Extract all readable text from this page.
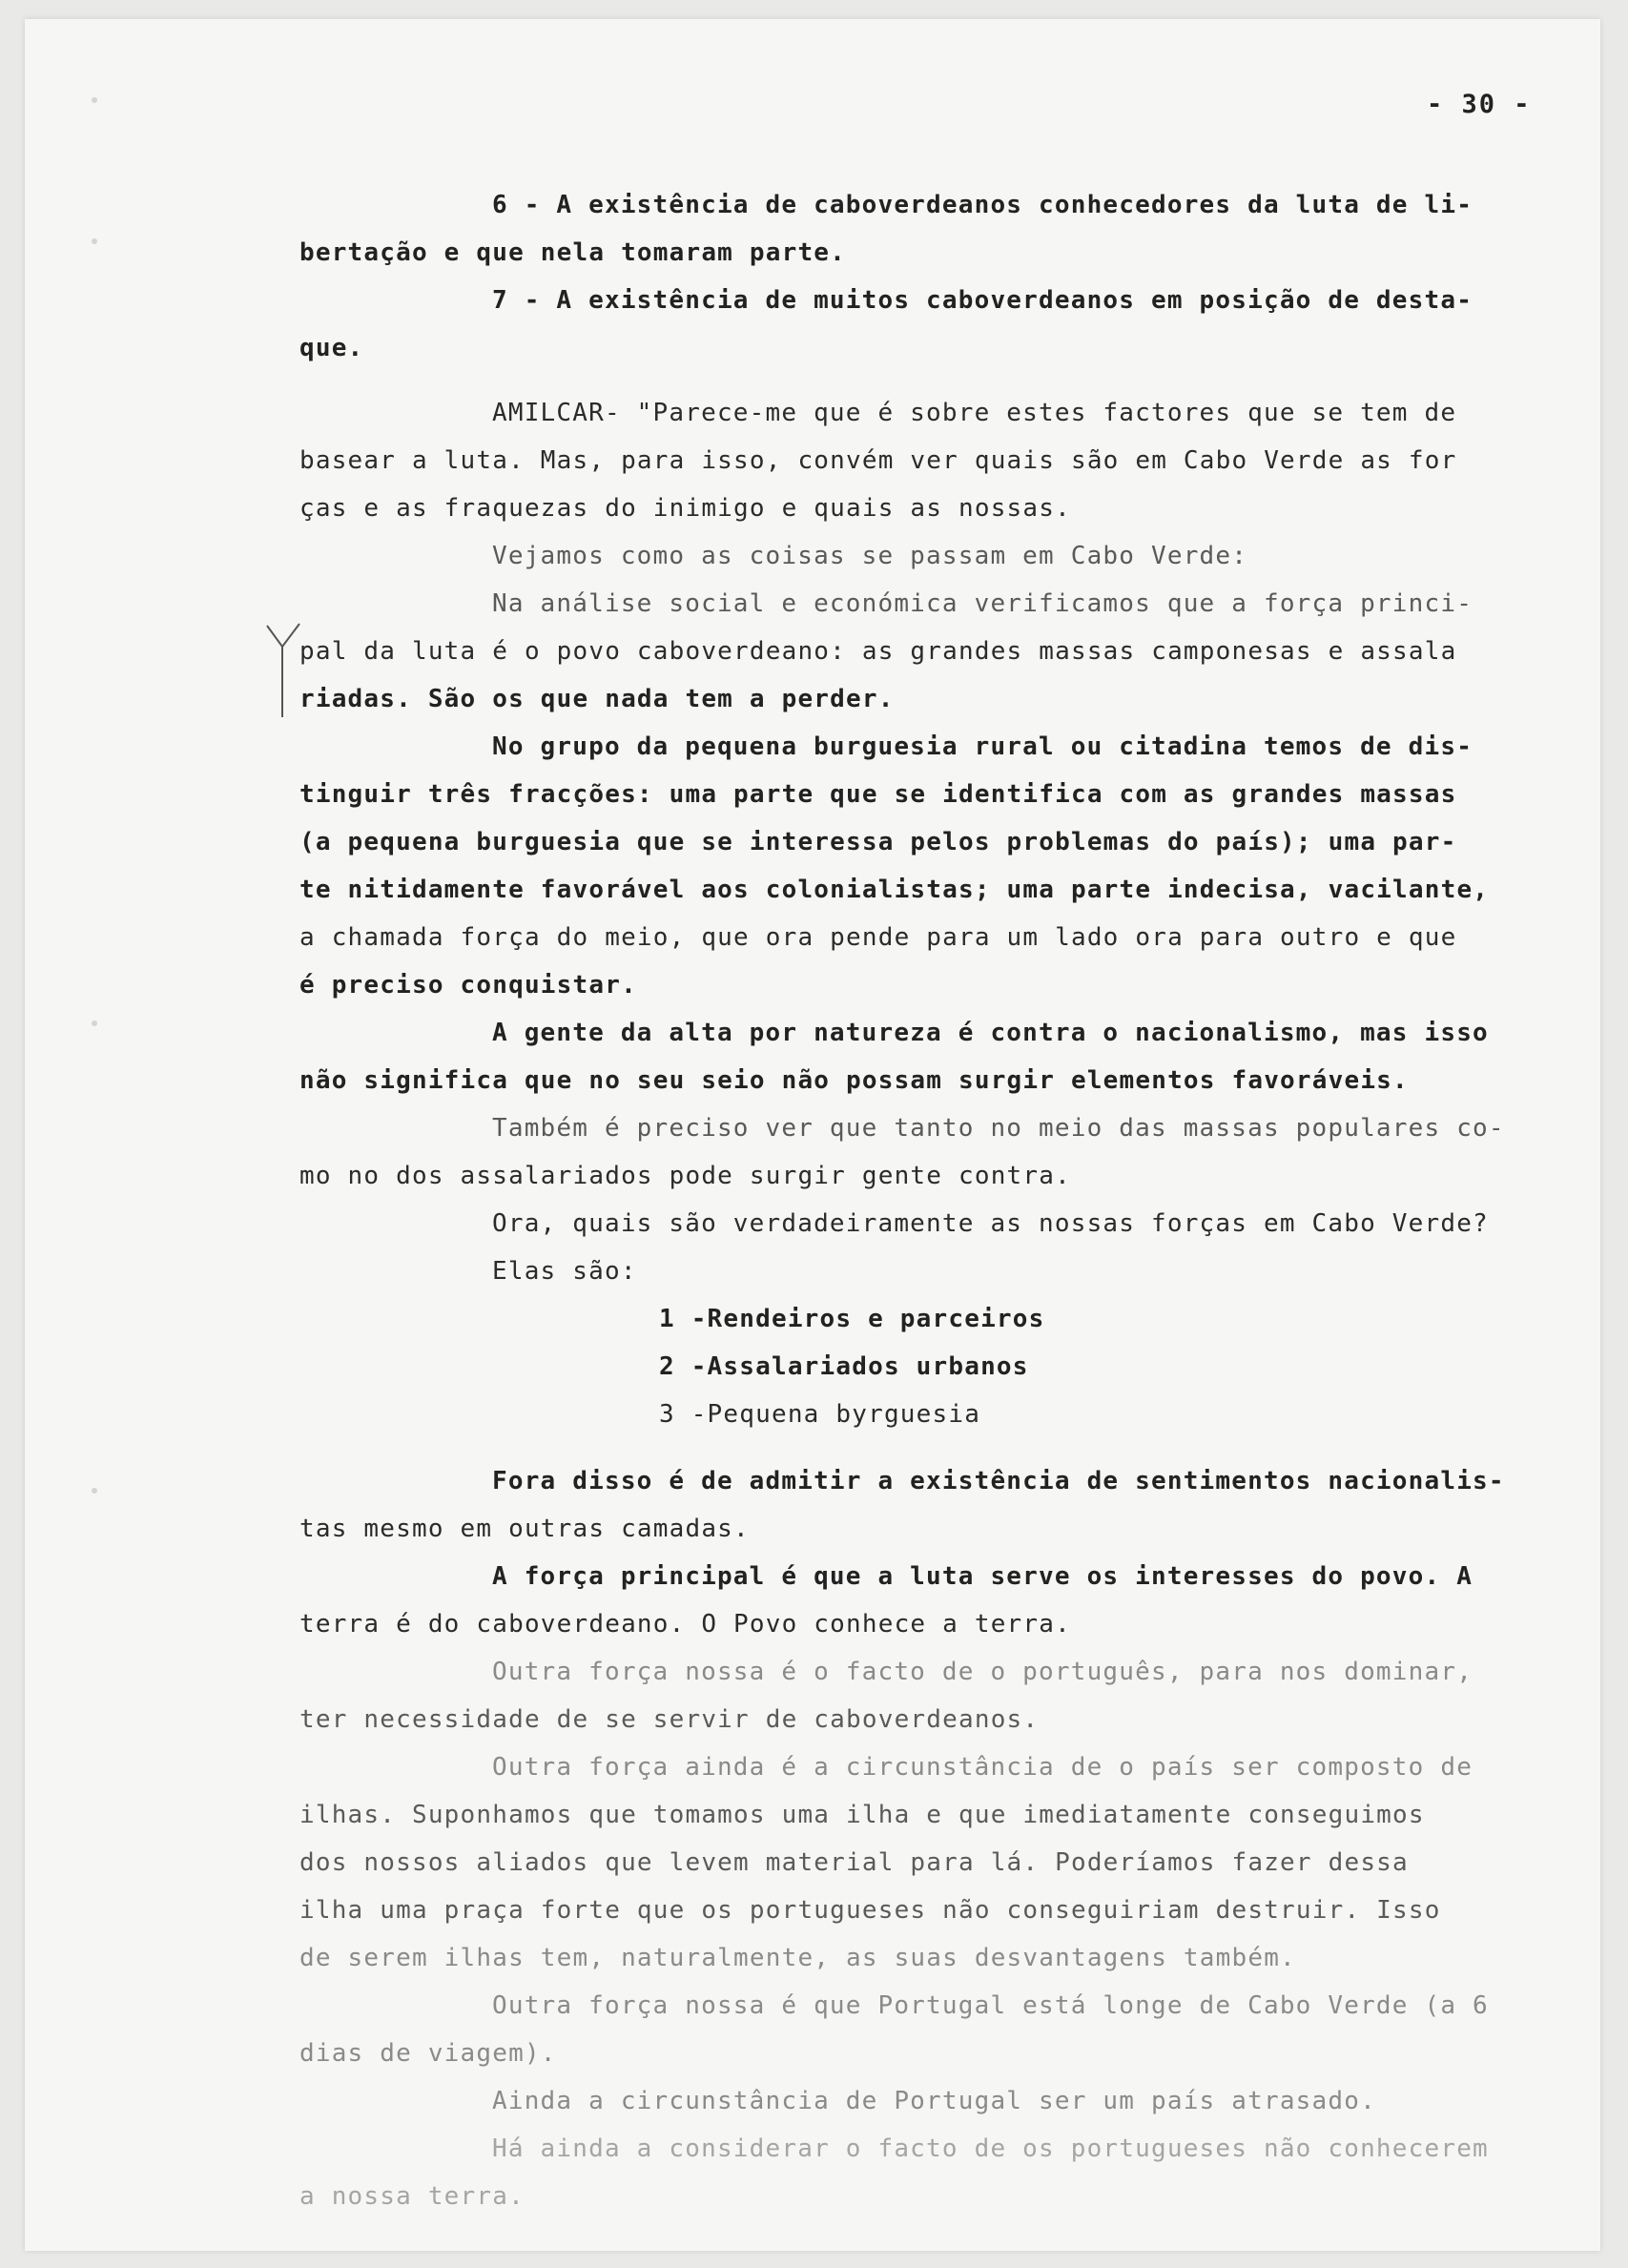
- 30 -
6 - A existência de caboverdeanos conhecedores da luta de li-
bertação e que nela tomaram parte.
7 - A existência de muitos caboverdeanos em posição de desta-
que.
AMILCAR- "Parece-me que é sobre estes factores que se tem de
basear a luta. Mas, para isso, convém ver quais são em Cabo Verde as for
ças e as fraquezas do inimigo e quais as nossas.
Vejamos como as coisas se passam em Cabo Verde:
Na análise social e económica verificamos que a força princi-
pal da luta é o povo caboverdeano: as grandes massas camponesas e assala
riadas. São os que nada tem a perder.
No grupo da pequena burguesia rural ou citadina temos de dis-
tinguir três fracções: uma parte que se identifica com as grandes massas
(a pequena burguesia que se interessa pelos problemas do país); uma par-
te nitidamente favorável aos colonialistas; uma parte indecisa, vacilante,
a chamada força do meio, que ora pende para um lado ora para outro e que
é preciso conquistar.
A gente da alta por natureza é contra o nacionalismo, mas isso
não significa que no seu seio não possam surgir elementos favoráveis.
Também é preciso ver que tanto no meio das massas populares co-
mo no dos assalariados pode surgir gente contra.
Ora, quais são verdadeiramente as nossas forças em Cabo Verde?
Elas são:
1 -Rendeiros e parceiros
2 -Assalariados urbanos
3 -Pequena byrguesia
Fora disso é de admitir a existência de sentimentos nacionalis-
tas mesmo em outras camadas.
A força principal é que a luta serve os interesses do povo. A
terra é do caboverdeano. O Povo conhece a terra.
Outra força nossa é o facto de o português, para nos dominar,
ter necessidade de se servir de caboverdeanos.
Outra força ainda é a circunstância de o país ser composto de
ilhas. Suponhamos que tomamos uma ilha e que imediatamente conseguimos
dos nossos aliados que levem material para lá. Poderíamos fazer dessa
ilha uma praça forte que os portugueses não conseguiriam destruir. Isso
de serem ilhas tem, naturalmente, as suas desvantagens também.
Outra força nossa é que Portugal está longe de Cabo Verde (a 6
dias de viagem).
Ainda a circunstância de Portugal ser um país atrasado.
Há ainda a considerar o facto de os portugueses não conhecerem
a nossa terra.
